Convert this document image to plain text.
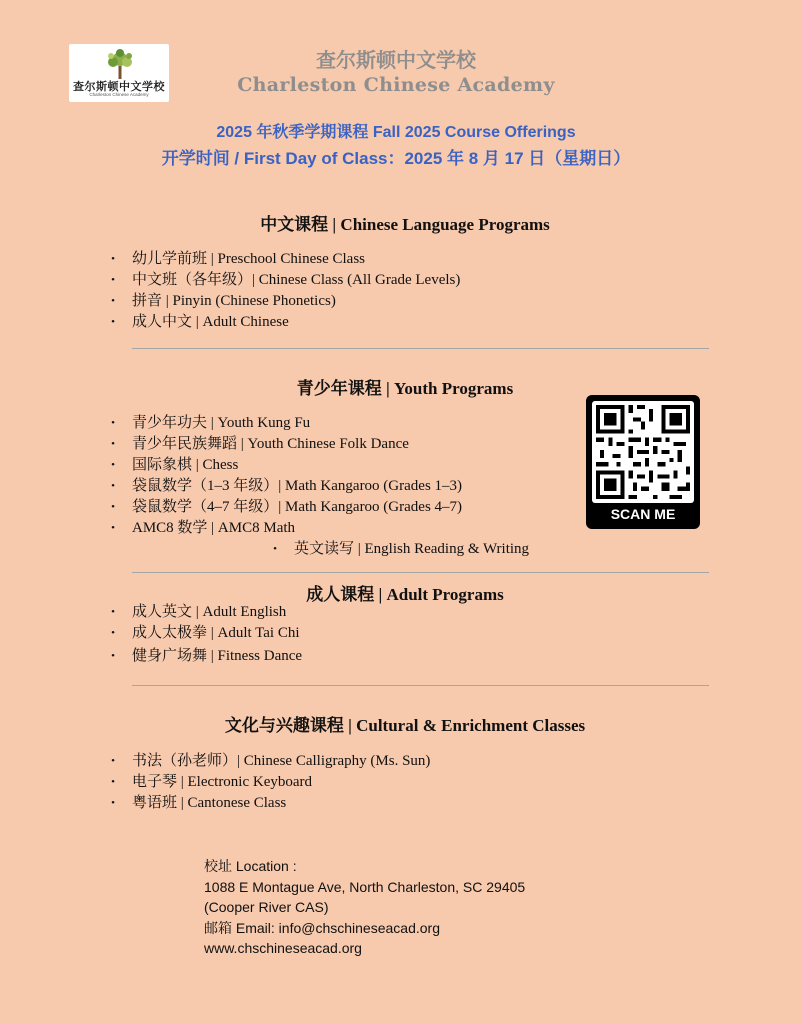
查尔斯顿中文学校
Charleston Chinese Academy
查尔斯顿中文学校
Charleston Chinese Academy
2025 年秋季学期课程 Fall 2025 Course Offerings
开学时间 / First Day of Class：2025 年 8 月 17 日（星期日）
中文课程 | Chinese Language Programs
• 幼儿学前班 | Preschool Chinese Class
• 中文班（各年级）| Chinese Class (All Grade Levels)
• 拼音 | Pinyin (Chinese Phonetics)
• 成人中文 | Adult Chinese
青少年课程 | Youth Programs
• 青少年功夫 | Youth Kung Fu
• 青少年民族舞蹈 | Youth Chinese Folk Dance
• 国际象棋 | Chess
• 袋鼠数学（1–3 年级）| Math Kangaroo (Grades 1–3)
• 袋鼠数学（4–7 年级）| Math Kangaroo (Grades 4–7)
• AMC8 数学 | AMC8 Math
• 英文读写 | English Reading & Writing
SCAN ME
成人课程 | Adult Programs
• 成人英文 | Adult English
• 成人太极拳 | Adult Tai Chi
• 健身广场舞 | Fitness Dance
文化与兴趣课程 | Cultural & Enrichment Classes
• 书法（孙老师）| Chinese Calligraphy (Ms. Sun)
• 电子琴 | Electronic Keyboard
• 粤语班 | Cantonese Class
校址 Location :
1088 E Montague Ave, North Charleston, SC 29405
(Cooper River CAS)
邮箱 Email: info@chschineseacad.org
www.chschineseacad.org
